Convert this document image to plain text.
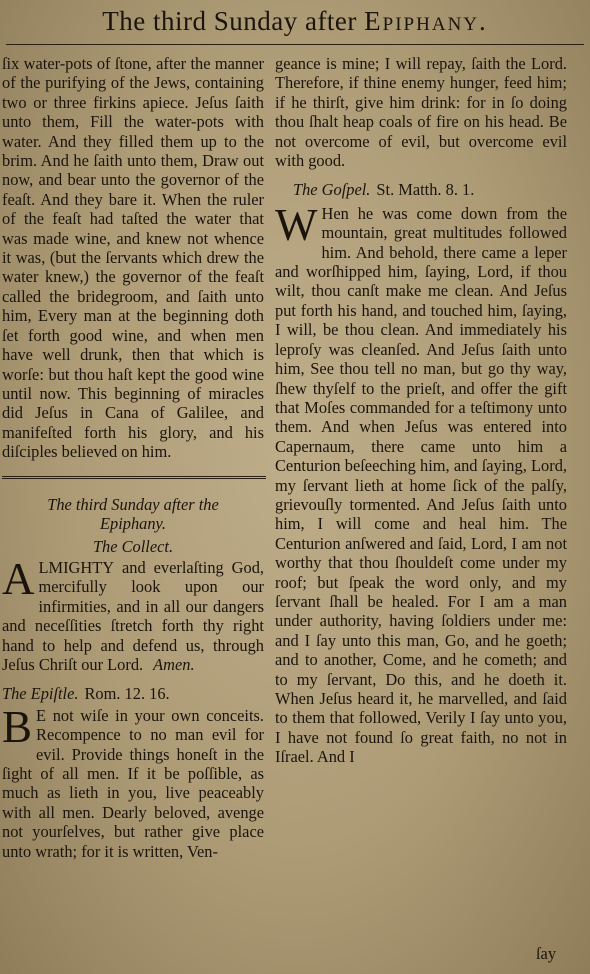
The third Sunday after Epiphany.

ſix water-pots of ſtone, after the manner of the purifying of the Jews, containing two or three firkins apiece. Jeſus ſaith unto them, Fill the water-pots with water. And they filled them up to the brim. And he ſaith unto them, Draw out now, and bear unto the governor of the feaſt. And they bare it. When the ruler of the feaſt had taſted the water that was made wine, and knew not whence it was, (but the ſervants which drew the water knew,) the governor of the feaſt called the bridegroom, and ſaith unto him, Every man at the beginning doth ſet forth good wine, and when men have well drunk, then that which is worſe: but thou haſt kept the good wine until now. This beginning of miracles did Jeſus in Cana of Galilee, and manifeſted forth his glory, and his diſciples believed on him.

The third Sunday after the
Epiphany.

The Collect.

ALMIGHTY and everlaſting God, mercifully look upon our infirmities, and in all our dangers and neceſſities ſtretch forth thy right hand to help and defend us, through Jeſus Chriſt our Lord. Amen.

The Epiſtle. Rom. 12. 16.

B E not wiſe in your own conceits. Recompence to no man evil for evil. Provide things honeſt in the ſight of all men. If it be poſſible, as much as lieth in you, live peaceably with all men. Dearly beloved, avenge not yourſelves, but rather give place unto wrath; for it is written, Ven-

geance is mine; I will repay, ſaith the Lord. Therefore, if thine enemy hunger, feed him; if he thirſt, give him drink: for in ſo doing thou ſhalt heap coals of fire on his head. Be not overcome of evil, but overcome evil with good.

The Goſpel. St. Matth. 8. 1.

W Hen he was come down from the mountain, great multitudes followed him. And behold, there came a leper and worſhipped him, ſaying, Lord, if thou wilt, thou canſt make me clean. And Jeſus put forth his hand, and touched him, ſaying, I will, be thou clean. And immediately his leproſy was cleanſed. And Jeſus ſaith unto him, See thou tell no man, but go thy way, ſhew thyſelf to the prieſt, and offer the gift that Moſes commanded for a teſtimony unto them. And when Jeſus was entered into Capernaum, there came unto him a Centurion beſeeching him, and ſaying, Lord, my ſervant lieth at home ſick of the palſy, grievouſly tormented. And Jeſus ſaith unto him, I will come and heal him. The Centurion anſwered and ſaid, Lord, I am not worthy that thou ſhouldeſt come under my roof; but ſpeak the word only, and my ſervant ſhall be healed. For I am a man under authority, having ſoldiers under me: and I ſay unto this man, Go, and he goeth; and to another, Come, and he cometh; and to my ſervant, Do this, and he doeth it. When Jeſus heard it, he marvelled, and ſaid to them that followed, Verily I ſay unto you, I have not found ſo great faith, no not in Iſrael. And I

ſay
